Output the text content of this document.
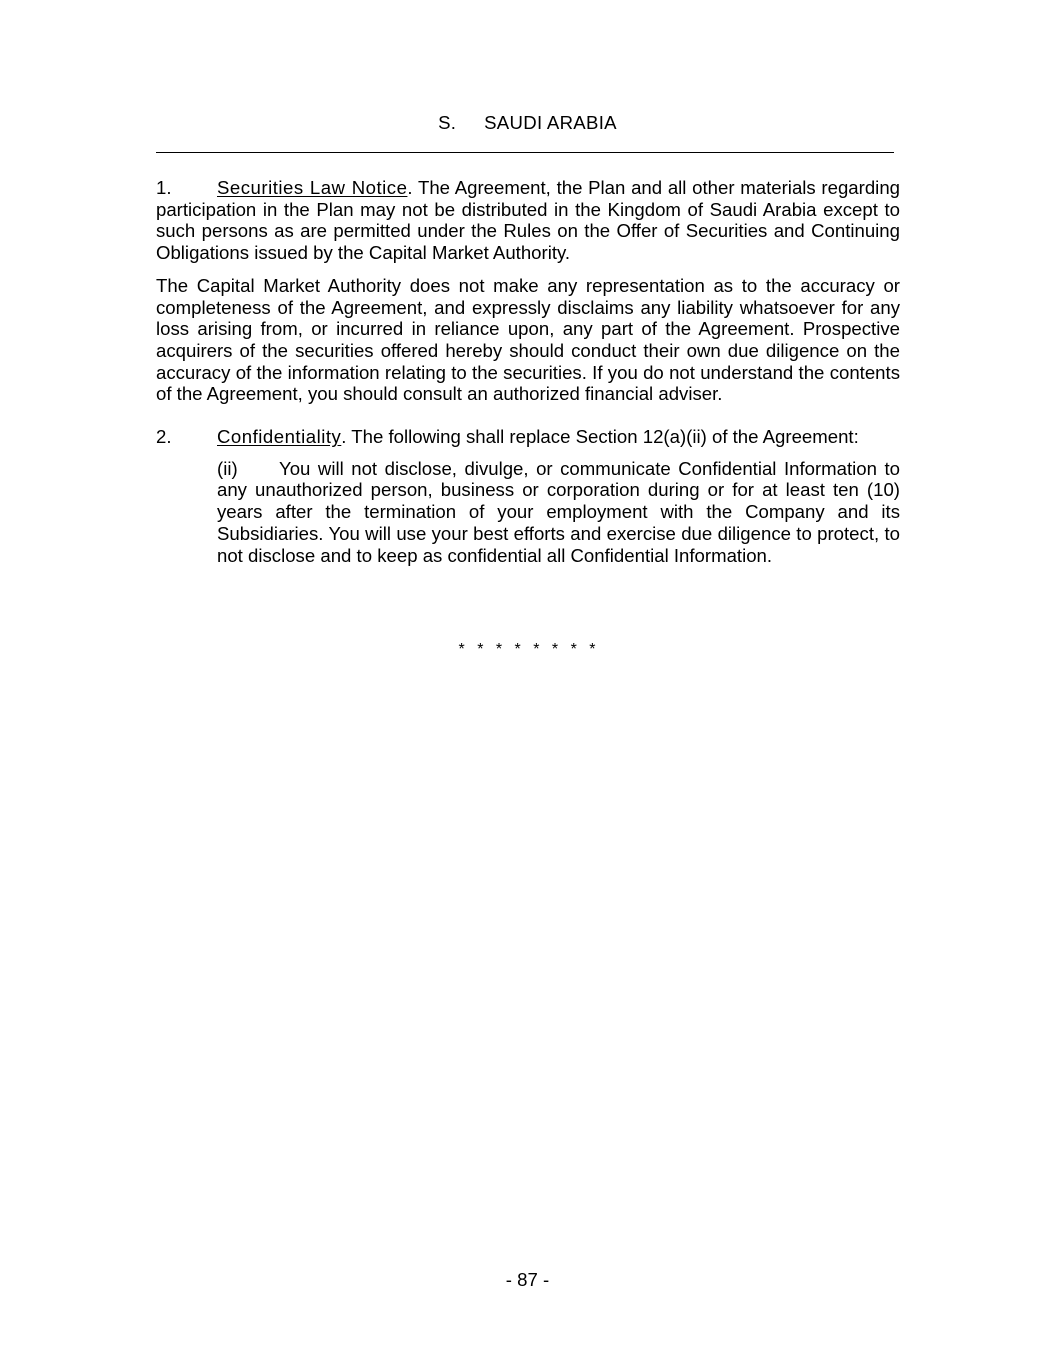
S. SAUDI ARABIA

1. Securities Law Notice. The Agreement, the Plan and all other materials regarding participation in the Plan may not be distributed in the Kingdom of Saudi Arabia except to such persons as are permitted under the Rules on the Offer of Securities and Continuing Obligations issued by the Capital Market Authority.

The Capital Market Authority does not make any representation as to the accuracy or completeness of the Agreement, and expressly disclaims any liability whatsoever for any loss arising from, or incurred in reliance upon, any part of the Agreement. Prospective acquirers of the securities offered hereby should conduct their own due diligence on the accuracy of the information relating to the securities. If you do not understand the contents of the Agreement, you should consult an authorized financial adviser.

2. Confidentiality. The following shall replace Section 12(a)(ii) of the Agreement:

(ii) You will not disclose, divulge, or communicate Confidential Information to any unauthorized person, business or corporation during or for at least ten (10) years after the termination of your employment with the Company and its Subsidiaries. You will use your best efforts and exercise due diligence to protect, to not disclose and to keep as confidential all Confidential Information.

* * * * * * * *
- 87 -
